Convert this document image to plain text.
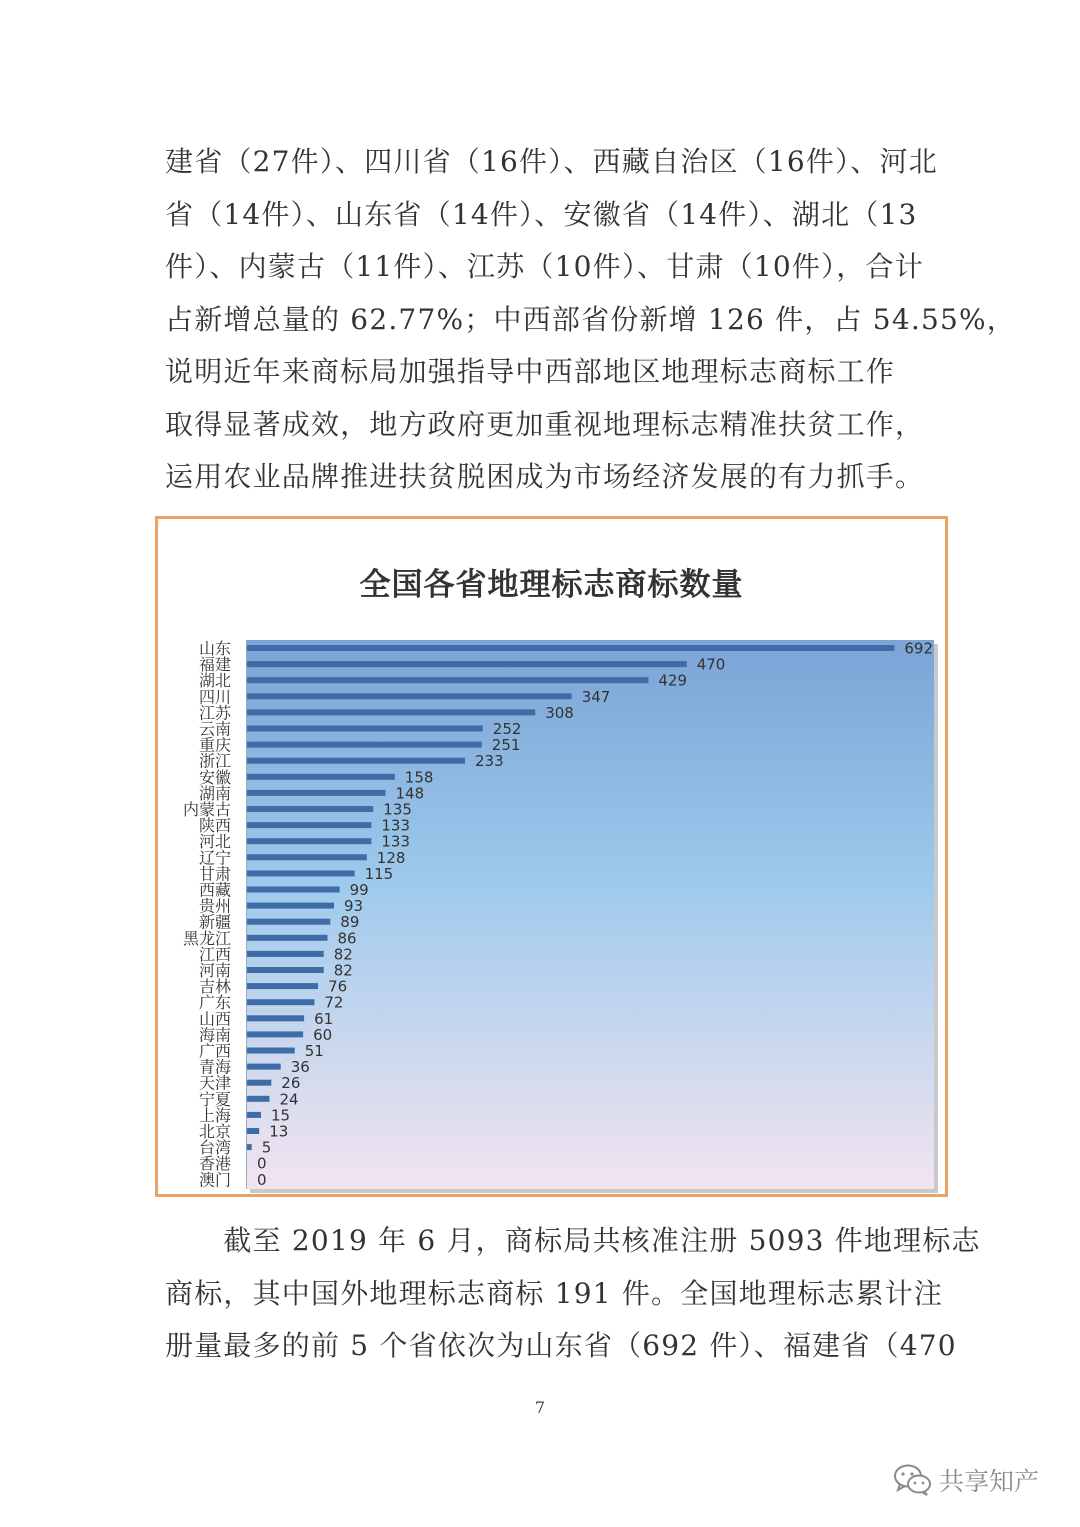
建省（27件）、四川省（16件）、西藏自治区（16件）、河北
省（14件）、山东省（14件）、安徽省（14件）、湖北（13
件）、内蒙古（11件）、江苏（10件）、甘肃（10件），合计
占新增总量的 62.77%；中西部省份新增 126 件，占 54.55%，
说明近年来商标局加强指导中西部地区地理标志商标工作
取得显著成效，地方政府更加重视地理标志精准扶贫工作，
运用农业品牌推进扶贫脱困成为市场经济发展的有力抓手。
全国各省地理标志商标数量
692
470
429
347
308
252
251
233
158
148
135
133
133
128
115
99
93
89
86
82
82
76
72
61
60
51
36
26
24
15
13
5
0
0
山东
福建
湖北
四川
江苏
云南
重庆
浙江
安徽
湖南
内蒙古
陕西
河北
辽宁
甘肃
西藏
贵州
新疆
黑龙江
江西
河南
吉林
广东
山西
海南
广西
青海
天津
宁夏
上海
北京
台湾
香港
澳门
　　截至 2019 年 6 月，商标局共核准注册 5093 件地理标志
商标，其中国外地理标志商标 191 件。全国地理标志累计注
册量最多的前 5 个省依次为山东省（692 件）、福建省（470
7
共享知产
